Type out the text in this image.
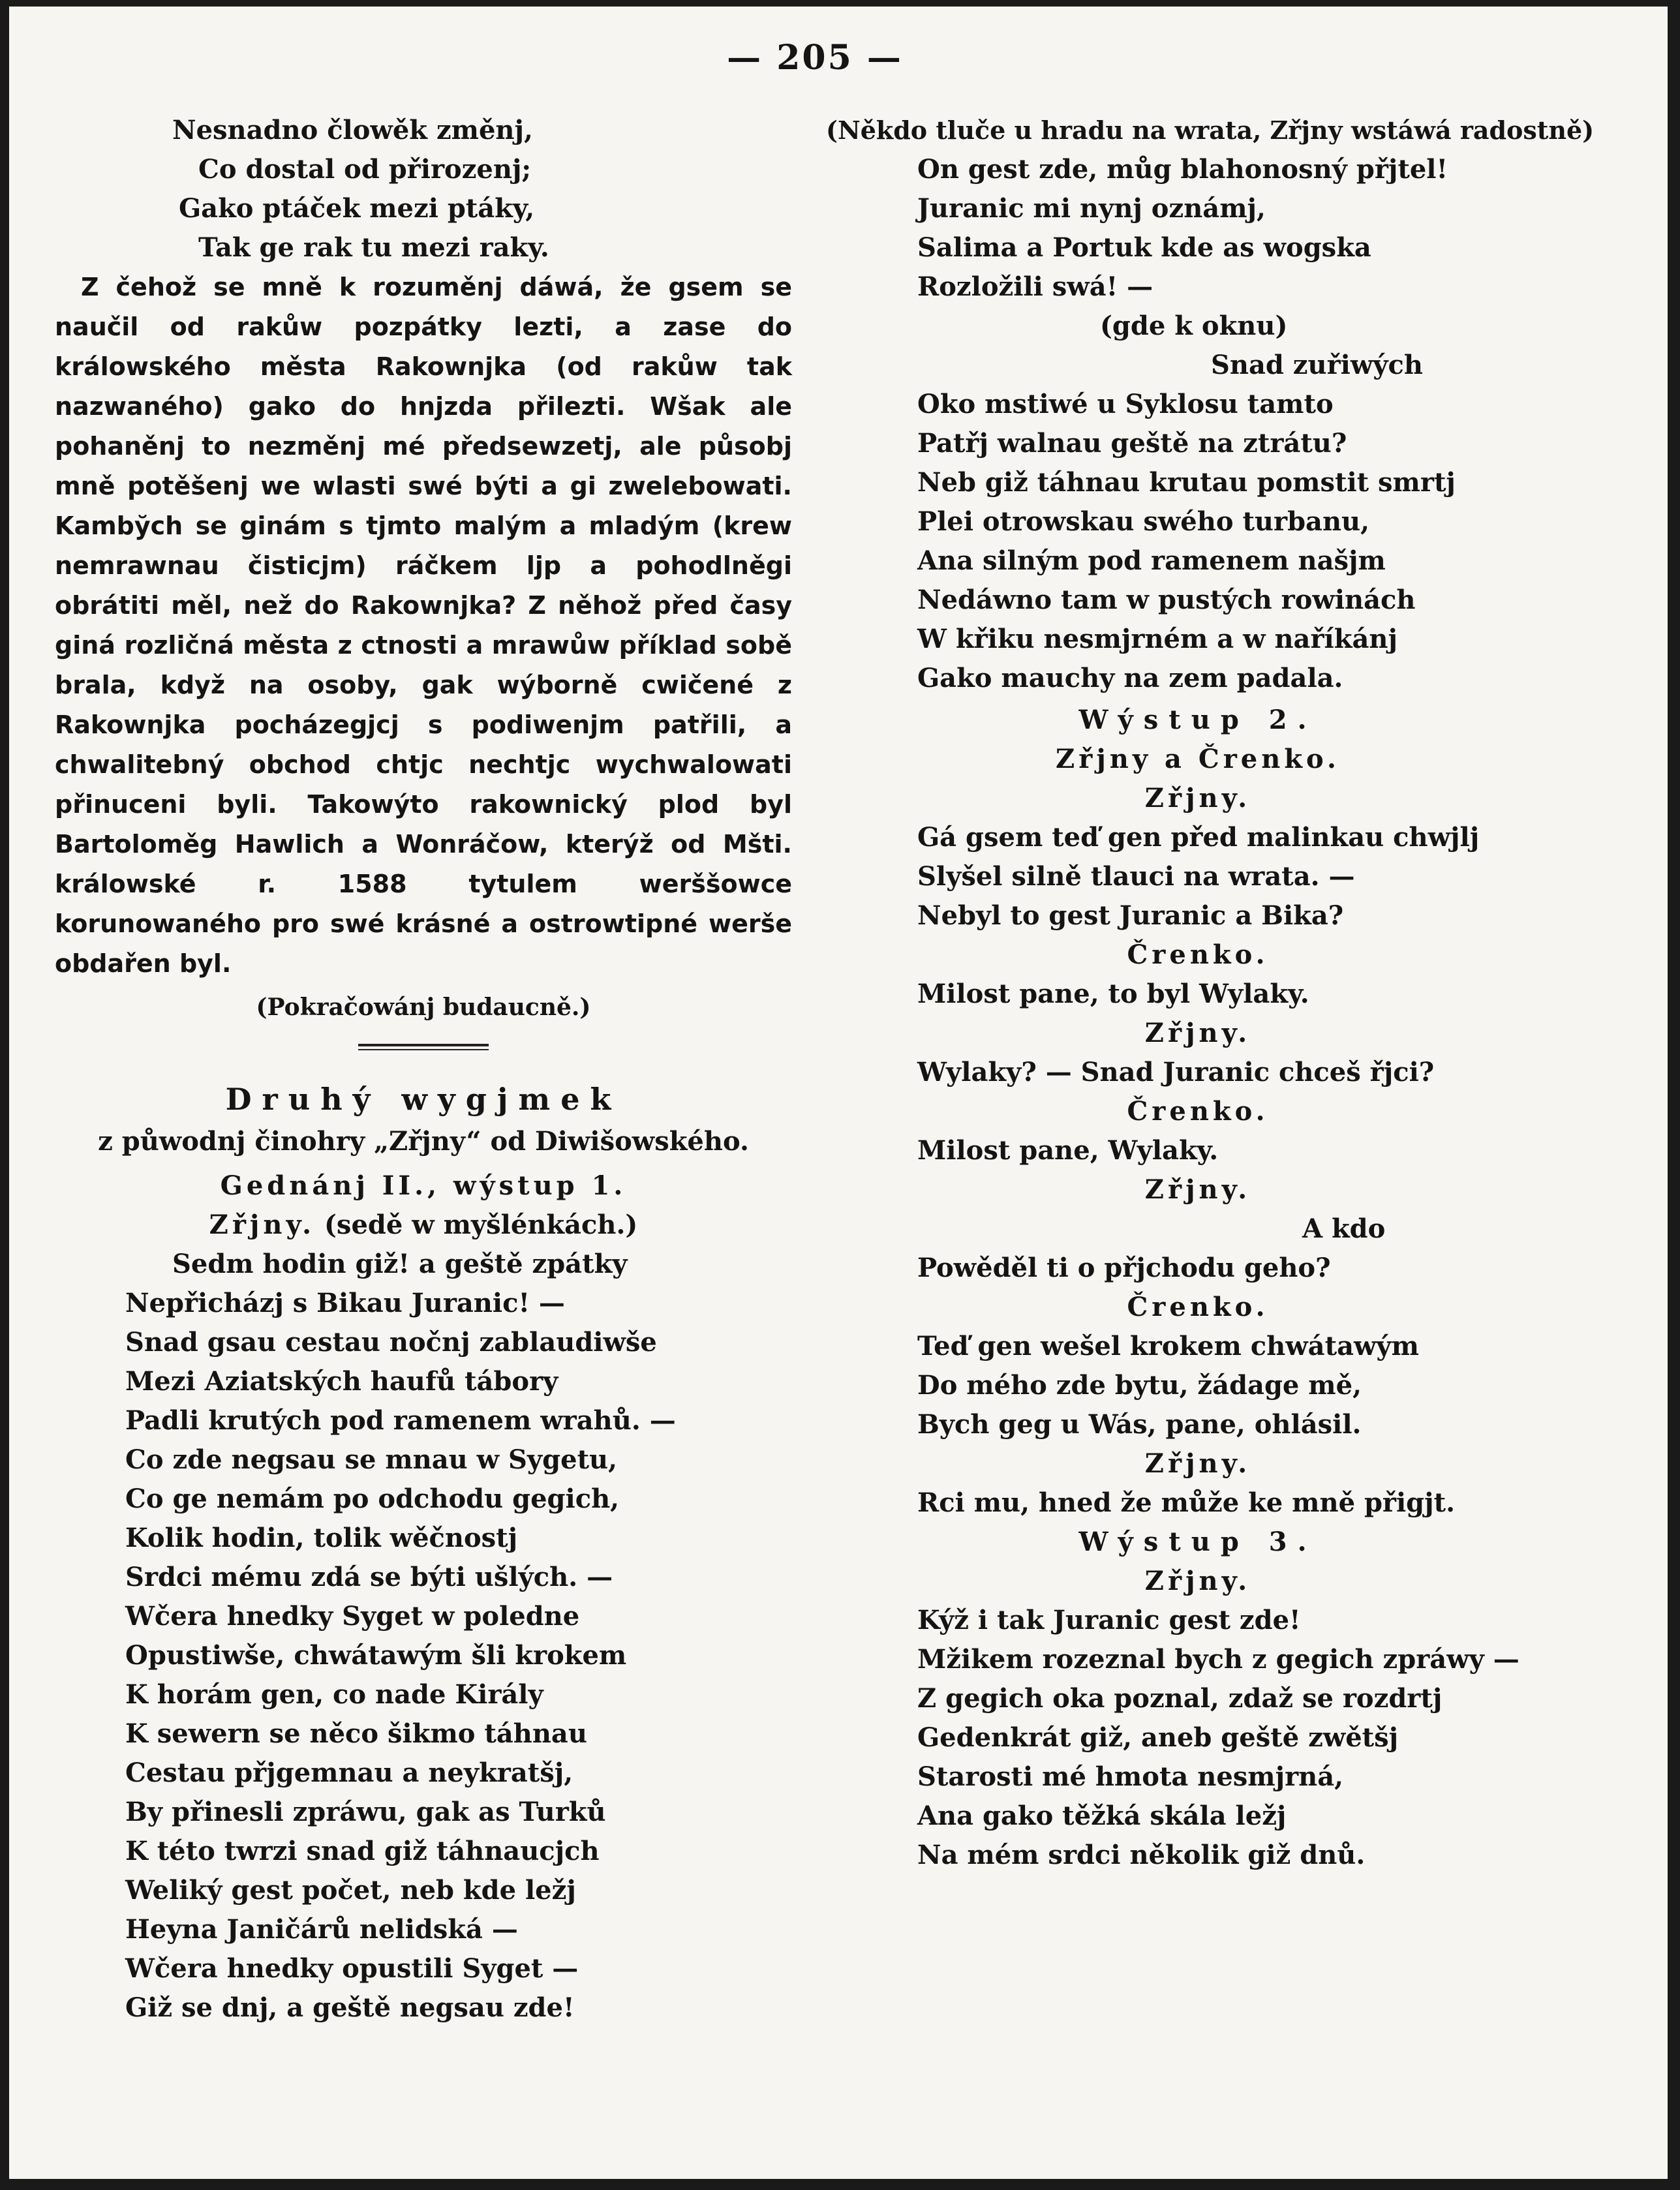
— 205 —
Nesnadno člowěk změnj,
Co dostal od přirozenj;
Gako ptáček mezi ptáky,
Tak ge rak tu mezi raky.

Z čehož se mně k rozuměnj dáwá, že gsem se naučil od rakůw pozpátky lezti, a zase do králowského města Rakownjka (od rakůw tak nazwaného) gako do hnjzda přilezti. Wšak ale pohaněnj to nezměnj mé předsewzetj, ale působj mně potěšenj we wlasti swé býti a gi zwelebowati. Kamby̆ch se ginám s tjmto malým a mladým (krew nemrawnau čisticjm) ráčkem ljp a pohodlněgi obrátiti měl, než do Rakownjka? Z něhož před časy giná rozličná města z ctnosti a mrawůw příklad sobě brala, když na osoby, gak wýborně cwičené z Rakownjka pocházegjcj s podiwenjm patřili, a chwalitebný obchod chtjc nechtjc wychwalowati přinuceni byli. Takowýto rakownický plod byl Bartoloměg Hawlich a Wonráčow, kterýž od Mšti. králowské r. 1588 tytulem werššowce korunowaného pro swé krásné a ostrowtipné werše obdařen byl.

(Pokračowánj budaucně.)
Druhý wygjmek
z půwodnj činohry „Zřjny“ od Diwišowského.
Gednánj II., wýstup 1.
Zřjny. (sedě w myšlénkách.)
Sedm hodin giž! a geště zpátky
Nepřicházj s Bikau Juranic! —
Snad gsau cestau nočnj zablaudiwše
Mezi Aziatských haufů tábory
Padli krutých pod ramenem wrahů. —
Co zde negsau se mnau w Sygetu,
Co ge nemám po odchodu gegich,
Kolik hodin, tolik wěčnostj
Srdci mému zdá se býti ušlých. —
Wčera hnedky Syget w poledne
Opustiwše, chwátawým šli krokem
K horám gen, co nade Király
K sewern se něco šikmo táhnau
Cestau přjgemnau a neykratšj,
By přinesli zpráwu, gak as Turků
K této twrzi snad giž táhnaucjch
Weliký gest počet, neb kde ležj
Heyna Janičárů nelidská —
Wčera hnedky opustili Syget —
Giž se dnj, a geště negsau zde!
(Někdo tluče u hradu na wrata, Zřjny wstáwá radostně)
On gest zde, můg blahonosný přjtel!
Juranic mi nynj oznámj,
Salima a Portuk kde as wogska
Rozložili swá! —
(gde k oknu)
Snad zuřiwých
Oko mstiwé u Syklosu tamto
Patřj walnau geště na ztrátu?
Neb giž táhnau krutau pomstit smrtj
Plei otrowskau swého turbanu,
Ana silným pod ramenem našjm
Nedáwno tam w pustých rowinách
W křiku nesmjrném a w naříkánj
Gako mauchy na zem padala.
Wýstup 2.
Zřjny a Črenko.
Zřjny.
Gá gsem teď gen před malinkau chwjlj
Slyšel silně tlauci na wrata. —
Nebyl to gest Juranic a Bika?
Črenko.
Milost pane, to byl Wylaky.
Zřjny.
Wylaky? — Snad Juranic chceš řjci?
Črenko.
Milost pane, Wylaky.
Zřjny.
A kdo
Powěděl ti o přjchodu geho?
Črenko.
Teď gen wešel krokem chwátawým
Do mého zde bytu, žádage mě,
Bych geg u Wás, pane, ohlásil.
Zřjny.
Rci mu, hned že může ke mně přigjt.
Wýstup 3.
Zřjny.
Kýž i tak Juranic gest zde!
Mžikem rozeznal bych z gegich zpráwy —
Z gegich oka poznal, zdaž se rozdrtj
Gedenkrát giž, aneb geště zwětšj
Starosti mé hmota nesmjrná,
Ana gako těžká skála ležj
Na mém srdci několik giž dnů.
